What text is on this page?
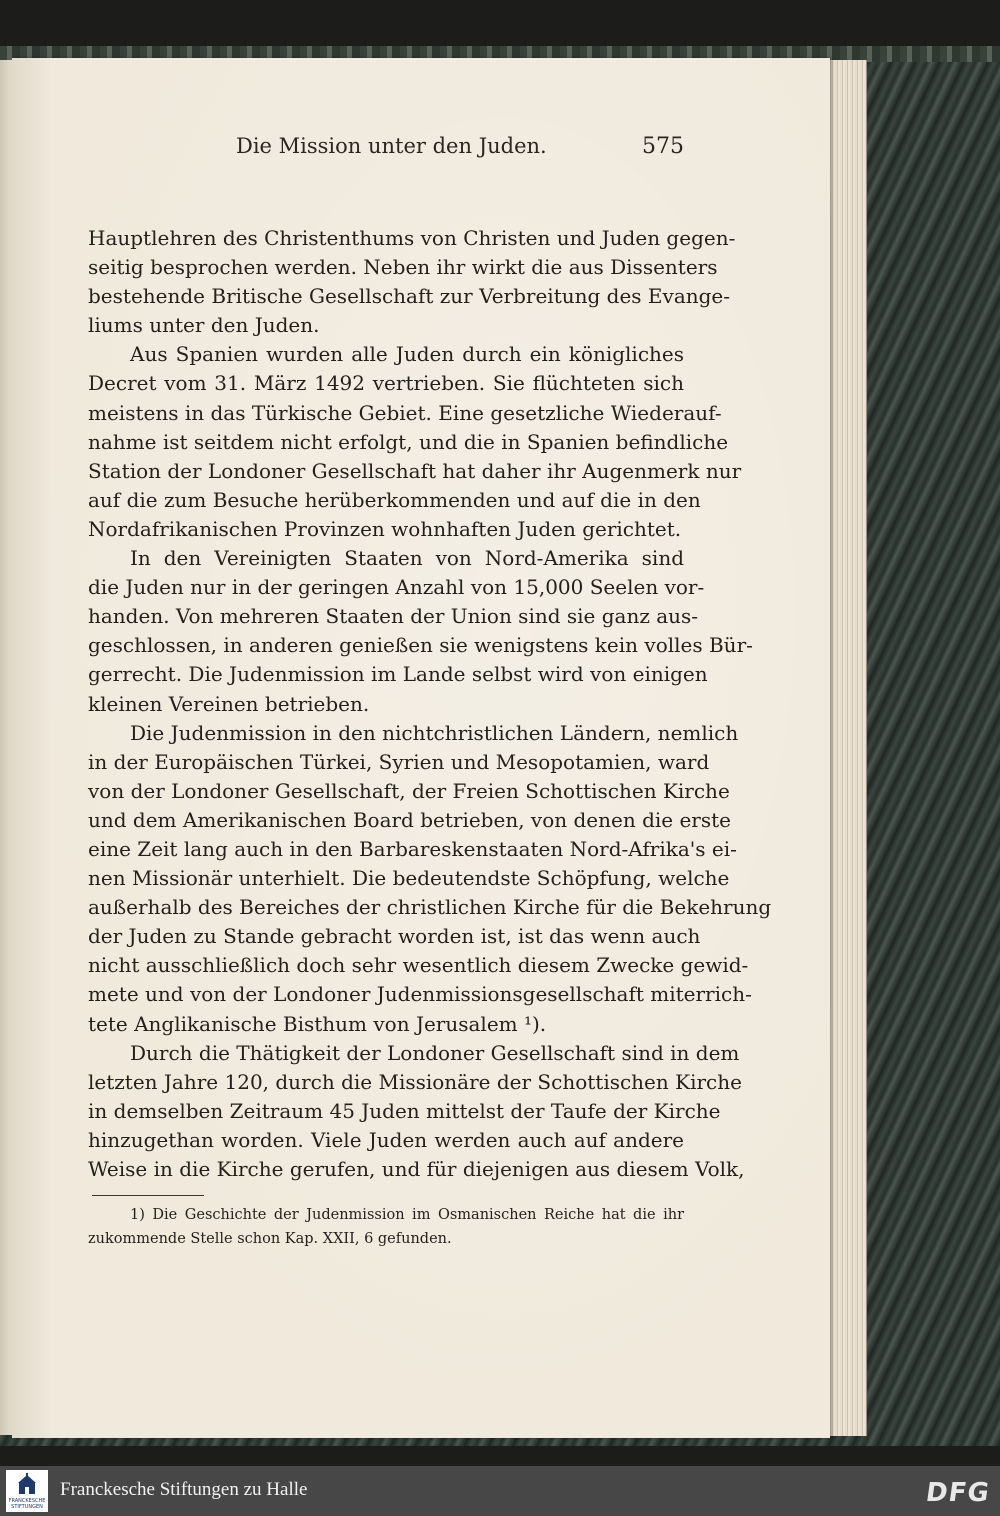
Die Mission unter den Juden.	575
Hauptlehren des Christenthums von Christen und Juden gegen-
seitig besprochen werden. Neben ihr wirkt die aus Dissenters
bestehende Britische Gesellschaft zur Verbreitung des Evange-
liums unter den Juden.
Aus Spanien wurden alle Juden durch ein königliches
Decret vom 31. März 1492 vertrieben. Sie flüchteten sich
meistens in das Türkische Gebiet. Eine gesetzliche Wiederauf-
nahme ist seitdem nicht erfolgt, und die in Spanien befindliche
Station der Londoner Gesellschaft hat daher ihr Augenmerk nur
auf die zum Besuche herüberkommenden und auf die in den
Nordafrikanischen Provinzen wohnhaften Juden gerichtet.
In den Vereinigten Staaten von Nord-Amerika sind
die Juden nur in der geringen Anzahl von 15,000 Seelen vor-
handen. Von mehreren Staaten der Union sind sie ganz aus-
geschlossen, in anderen genießen sie wenigstens kein volles Bür-
gerrecht. Die Judenmission im Lande selbst wird von einigen
kleinen Vereinen betrieben.
Die Judenmission in den nichtchristlichen Ländern, nemlich
in der Europäischen Türkei, Syrien und Mesopotamien, ward
von der Londoner Gesellschaft, der Freien Schottischen Kirche
und dem Amerikanischen Board betrieben, von denen die erste
eine Zeit lang auch in den Barbareskenstaaten Nord-Afrika's ei-
nen Missionär unterhielt. Die bedeutendste Schöpfung, welche
außerhalb des Bereiches der christlichen Kirche für die Bekehrung
der Juden zu Stande gebracht worden ist, ist das wenn auch
nicht ausschließlich doch sehr wesentlich diesem Zwecke gewid-
mete und von der Londoner Judenmissionsgesellschaft miterrich-
tete Anglikanische Bisthum von Jerusalem ¹).
Durch die Thätigkeit der Londoner Gesellschaft sind in dem
letzten Jahre 120, durch die Missionäre der Schottischen Kirche
in demselben Zeitraum 45 Juden mittelst der Taufe der Kirche
hinzugethan worden. Viele Juden werden auch auf andere
Weise in die Kirche gerufen, und für diejenigen aus diesem Volk,
1) Die Geschichte der Judenmission im Osmanischen Reiche hat die ihr
zukommende Stelle schon Kap. XXII, 6 gefunden.
FRANCKESCHE
STIFTUNGEN
Franckesche Stiftungen zu Halle	DFG
